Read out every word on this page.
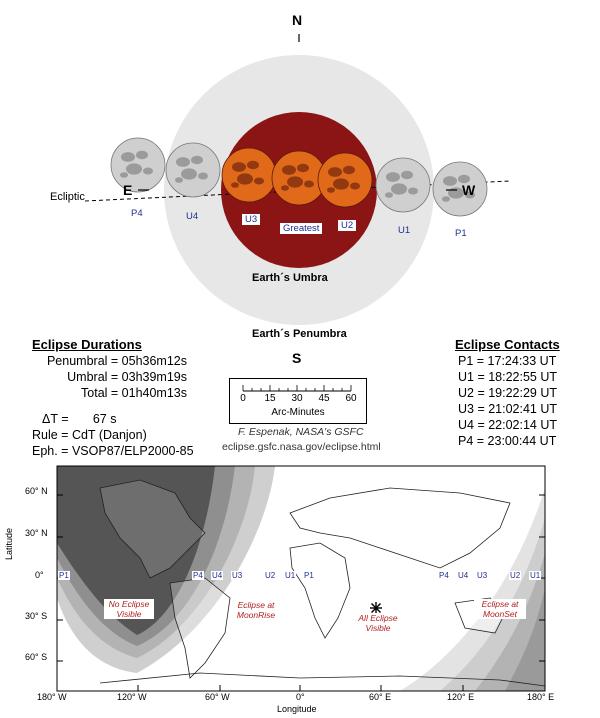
N
S
E	W
Ecliptic
Earth´s Umbra
Earth´s Penumbra
P4	U4	U3
Greatest	U2	U1	P1
Eclipse Durations
Penumbral = 05h36m12s
Umbral = 03h39m19s
Total = 01h40m13s
ΔT =       67 s
Rule = CdT (Danjon)
Eph. = VSOP87/ELP2000-85
Eclipse Contacts
P1 = 17:24:33 UT
U1 = 18:22:55 UT
U2 = 19:22:29 UT
U3 = 21:02:41 UT
U4 = 22:02:14 UT
P4 = 23:00:44 UT
0	15 30 45 60
Arc-Minutes
F. Espenak, NASA's GSFC
eclipse.gsfc.nasa.gov/eclipse.html
60° N
30° N
0°
30° S
60° S
Latitude
180° W	120° W	60° W	0°	60° E	120° E	180° E
Longitude
P1	P4 U4 U3	U2 U1 P1	P4 U4 U3	U2 U1
No Eclipse
Visible
Eclipse at
MoonRise	All Eclipse
Visible
Eclipse at
MoonSet
